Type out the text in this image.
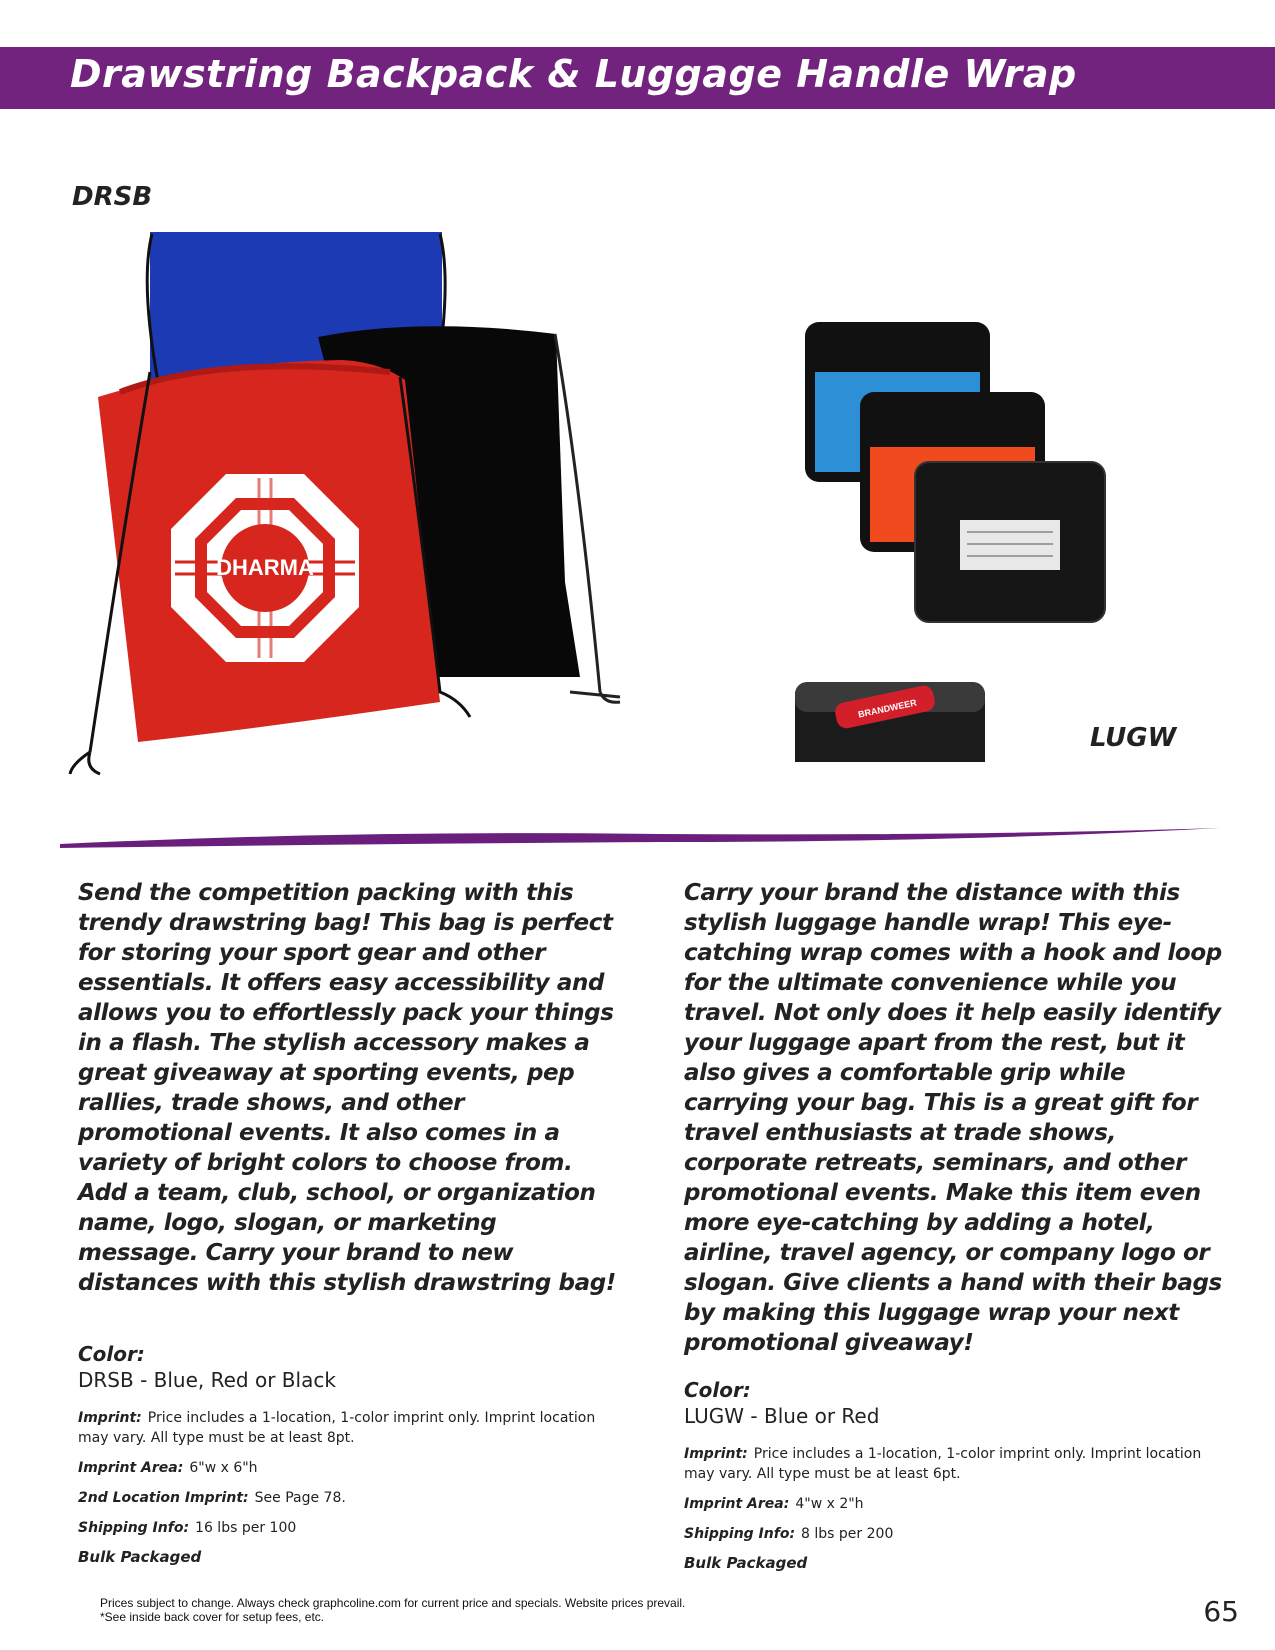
Drawstring Backpack & Luggage Handle Wrap
DRSB
DHARMA
BRANDWEER
LUGW

Send the competition packing with this trendy drawstring bag! This bag is perfect for storing your sport gear and other essentials. It offers easy accessibility and allows you to effortlessly pack your things in a flash. The stylish accessory makes a great giveaway at sporting events, pep rallies, trade shows, and other promotional events. It also comes in a variety of bright colors to choose from. Add a team, club, school, or organization name, logo, slogan, or marketing message. Carry your brand to new distances with this stylish drawstring bag!

Color:

DRSB - Blue, Red or Black

Imprint: Price includes a 1-location, 1-color imprint only. Imprint location may vary. All type must be at least 8pt.

Imprint Area: 6"w x 6"h

2nd Location Imprint: See Page 78.

Shipping Info: 16 lbs per 100

Bulk Packaged

Carry your brand the distance with this stylish luggage handle wrap! This eye-catching wrap comes with a hook and loop for the ultimate convenience while you travel. Not only does it help easily identify your luggage apart from the rest, but it also gives a comfortable grip while carrying your bag. This is a great gift for travel enthusiasts at trade shows, corporate retreats, seminars, and other promotional events. Make this item even more eye-catching by adding a hotel, airline, travel agency, or company logo or slogan. Give clients a hand with their bags by making this luggage wrap your next promotional giveaway!

Color:

LUGW - Blue or Red

Imprint: Price includes a 1-location, 1-color imprint only. Imprint location may vary. All type must be at least 6pt.

Imprint Area: 4"w x 2"h

Shipping Info: 8 lbs per 200

Bulk Packaged

Prices subject to change. Always check graphcoline.com for current price and specials. Website prices prevail.
*See inside back cover for setup fees, etc.	65
